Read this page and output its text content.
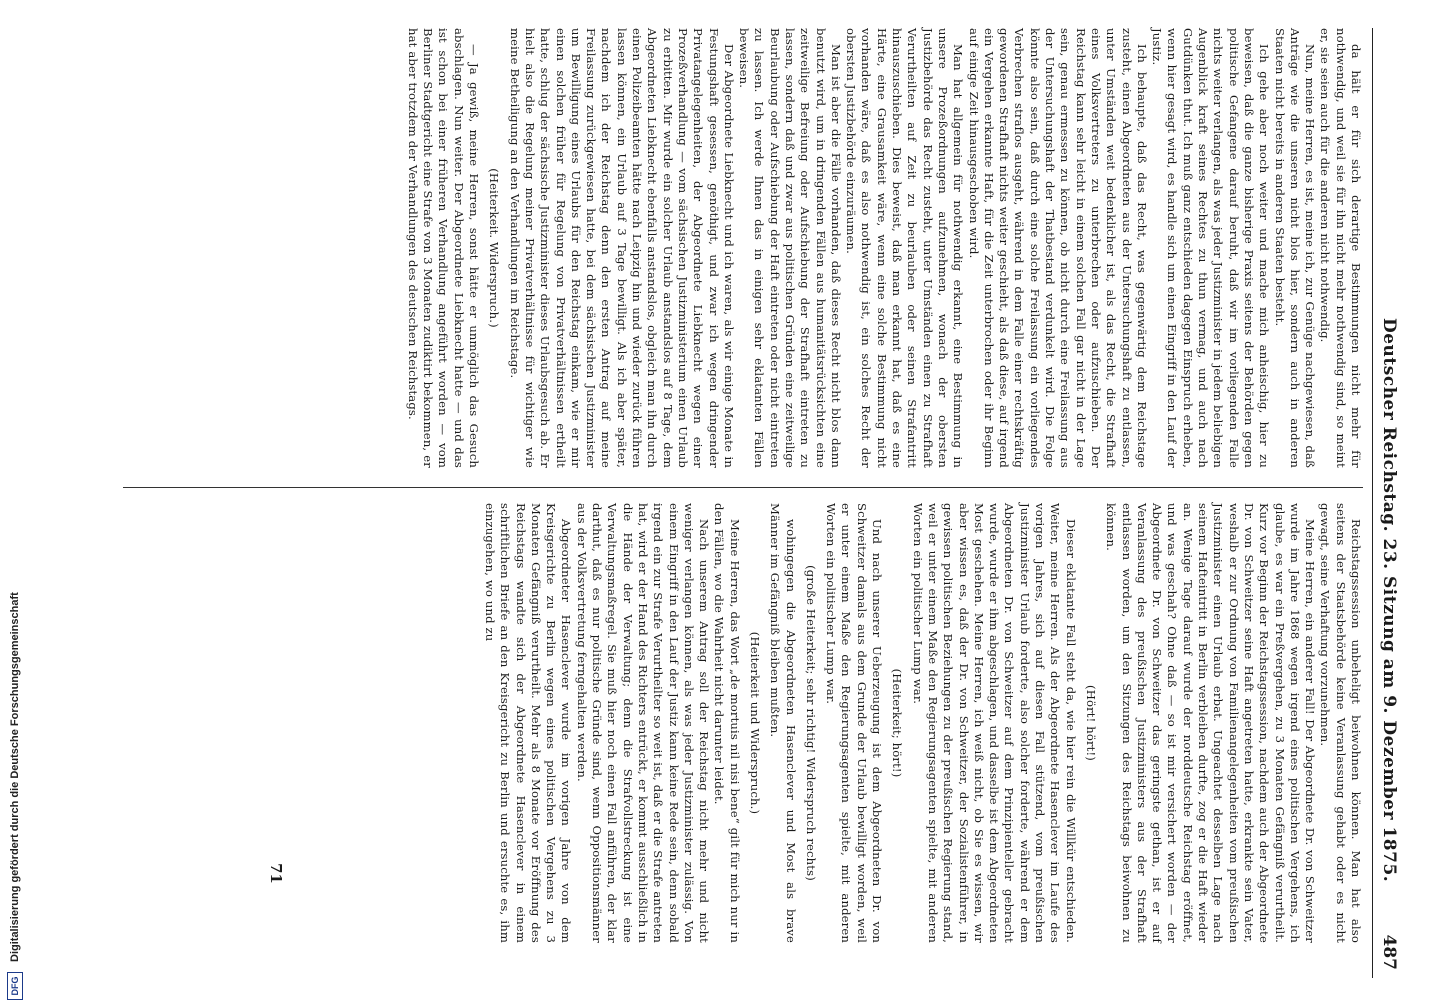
Deutscher Reichstag. 23. Sitzung am 9. Dezember 1875.
487

da hält er für sich derartige Bestimmungen nicht mehr für nothwendig, und weil sie für ihn nicht mehr nothwendig sind, so meint er, sie seien auch für die anderen nicht nothwendig.

Nun, meine Herren, es ist, meine ich, zur Genüge nachgewiesen, daß Anträge wie die unseren nicht blos hier, sondern auch in anderen Staaten nicht bereits in anderen Staaten besteht.

Ich gehe aber noch weiter und mache mich anheischig, hier zu beweisen, daß die ganze bisherige Praxis seitens der Behörden gegen politische Gefangene darauf beruht, daß wir im vorliegenden Falle nichts weiter verlangen, als was jeder Justizminister in jedem beliebigen Augenblick kraft seines Rechtes zu thun vermag, und auch nach Gutdünken thut. Ich muß ganz entschieden dagegen Einspruch erheben, wenn hier gesagt wird, es handle sich um einen Eingriff in den Lauf der Justiz.

Ich behaupte, daß das Recht, was gegenwärtig dem Reichstage zusteht, einen Abgeordneten aus der Untersuchungshaft zu entlassen, unter Umständen weit bedenklicher ist, als das Recht, die Strafhaft eines Volksvertreters zu unterbrechen oder aufzuschieben. Der Reichstag kann sehr leicht in einem solchen Fall gar nicht in der Lage sein, genau ermessen zu können, ob nicht durch eine Freilassung aus der Untersuchungshaft der Thatbestand verdunkelt wird. Die Folge könnte also sein, daß durch eine solche Freilassung ein vorliegendes Verbrechen straflos ausgeht, während in dem Falle einer rechtskräftig gewordenen Strafhaft nichts weiter geschieht, als daß diese, auf irgend ein Vergehen erkannte Haft, für die Zeit unterbrochen oder ihr Beginn auf einige Zeit hinausgeschoben wird.

Man hat allgemein für nothwendig erkannt, eine Bestimmung in unsere Prozeßordnungen aufzunehmen, wonach der obersten Justizbehörde das Recht zusteht, unter Umständen einen zu Strafhaft Verurtheilten auf Zeit zu beurlauben oder seinen Strafantritt hinauszuschieben. Dies beweist, daß man erkannt hat, daß es eine Härte, eine Grausamkeit wäre, wenn eine solche Bestimmung nicht vorhanden wäre, daß es also nothwendig ist, ein solches Recht der obersten Justizbehörde einzuräumen.

Man ist aber die Fälle vorhanden, daß dieses Recht nicht blos dann benutzt wird, um in dringenden Fällen aus humanitätsrücksichten eine zeitweilige Befreiung oder Aufschiebung der Strafhaft eintreten zu lassen, sondern daß und zwar aus politischen Gründen eine zeitweilige Beurlaubung oder Aufschiebung der Haft eintreten oder nicht eintreten zu lassen. Ich werde Ihnen das in einigen sehr eklatanten Fällen beweisen.

Der Abgeordnete Liebknecht und ich waren, als wir einige Monate in Festungshaft gesessen, genöthigt, und zwar ich wegen dringender Privatangelegenheiten, der Abgeordnete Liebknecht wegen einer Prozeßverhandlung — vom sächsischen Justizministerium einen Urlaub zu erbitten. Mir wurde ein solcher Urlaub anstandslos auf 8 Tage, dem Abgeordneten Liebknecht ebenfalls anstandslos, obgleich man ihn durch einen Polizeibeamten hätte nach Leipzig hin und wieder zurück führen lassen können, ein Urlaub auf 3 Tage bewilligt. Als ich aber später, nachdem ich der Reichstag denn den ersten Antrag auf meine Freilassung zurückgewiesen hatte, bei dem sächsischen Justizminister um Bewilligung eines Urlaubs für den Reichstag einkam, wie er mir einen solchen früher für Regelung von Privatverhältnissen ertheilt hatte, schlug der sächsische Justizminister dieses Urlaubsgesuch ab. Er hielt also die Regelung meiner Privatverhältnisse für wichtiger wie meine Betheiligung an den Verhandlungen im Reichstage.

(Heiterkeit. Widerspruch.)

— Ja gewiß, meine Herren, sonst hätte er unmöglich das Gesuch abschlagen. Nun weiter. Der Abgeordnete Liebknecht hatte — und das ist schon bei einer früheren Verhandlung angeführt worden — vom Berliner Stadtgericht eine Strafe von 3 Monaten zudiktirt bekommen, er hat aber trotzdem der Verhandlungen des deutschen Reichstags.

Reichstagssession unbeheligt beiwohnen können. Man hat also seitens der Staatsbehörde keine Veranlassung gehabt oder es nicht gewagt, seine Verhaftung vorzunehmen.

Meine Herren, ein anderer Fall! Der Abgeordnete Dr. von Schweitzer wurde im Jahre 1868 wegen irgend eines politischen Vergehens, ich glaube, es war ein Preßvergehen, zu 3 Monaten Gefängniß verurtheilt. Kurz vor Beginn der Reichstagssession, nachdem auch der Abgeordnete Dr. von Schweitzer seine Haft angetreten hatte, erkrankte sein Vater, weshalb er zur Ordnung von Familienangelegenheiten vom preußischen Justizminister einen Urlaub erbat. Ungeachtet desselben Lage nach seinem Hafteintritt in Berlin verbleiben durfte, zog er die Haft wieder an. Wenige Tage darauf wurde der norddeutsche Reichstag eröffnet, und was geschah? Ohne daß — so ist mir versichert worden — der Abgeordnete Dr. von Schweitzer das geringste gethan, ist er auf Veranlassung des preußischen Justizministers aus der Strafhaft entlassen worden, um den Sitzungen des Reichstags beiwohnen zu können.

(Hört! hört!)

Dieser eklatante Fall steht da, wie hier rein die Willkür entschieden. Weiter, meine Herren. Als der Abgeordnete Hasenclever im Laufe des vorigen Jahres, sich auf diesen Fall stützend, vom preußischen Justizminister Urlaub forderte, also solcher forderte, während er dem Abgeordneten Dr. von Schweitzer auf dem Prinzipienteller gebracht wurde, wurde er ihm abgeschlagen, und dasselbe ist dem Abgeordneten Most geschehen. Meine Herren, ich weiß nicht, ob Sie es wissen, wir aber wissen es, daß der Dr. von Schweitzer, der Sozialistenführer, in gewissen politischen Beziehungen zu der preußischen Regierung stand, weil er unter einem Maße den Regierungsagenten spielte, mit anderen Worten ein politischer Lump war.

(Heiterkeit; hört!)

Und nach unserer Ueberzeugung ist dem Abgeordneten Dr. von Schweitzer damals aus dem Grunde der Urlaub bewilligt worden, weil er unter einem Maße den Regierungsagenten spielte, mit anderen Worten ein politischer Lump war.

(große Heiterkeit; sehr richtig! Widerspruch rechts)

wohingegen die Abgeordneten Hasenclever und Most als brave Männer im Gefängniß bleiben mußten.

(Heiterkeit und Widerspruch.)

Meine Herren, das Wort „de mortuis nil nisi bene“ gilt für mich nur in den Fällen, wo die Wahrheit nicht darunter leidet.

Nach unserem Antrag soll der Reichstag nicht mehr und nicht weniger verlangen können, als was jeder Justizminister zulässig. Von einem Eingriff in den Lauf der Justiz kann keine Rede sein, denn sobald irgend ein zur Strafe Verurtheilter so weit ist, daß er die Strafe antreten hat, wird er der Hand des Richters entrückt, er kommt ausschließlich in die Hände der Verwaltung; denn die Strafvollstreckung ist eine Verwaltungsmaßregel. Sie muß hier noch einen Fall anführen, der klar darthut, daß es nur politische Gründe sind, wenn Oppositionsmänner aus der Volksvertretung ferngehalten werden.

Abgeordneter Hasenclever wurde im vorigen Jahre von dem Kreisgerichte zu Berlin wegen eines politischen Vergehens zu 3 Monaten Gefängniß verurtheilt. Mehr als 8 Monate vor Eröffnung des Reichstags wandte sich der Abgeordnete Hasenclever in einem schriftlichen Briefe an den Kreisgericht zu Berlin und ersuchte es, ihm einzugehen, wo und zu

71
DFG
Digitalisierung gefördert durch die Deutsche Forschungsgemeinschaft
